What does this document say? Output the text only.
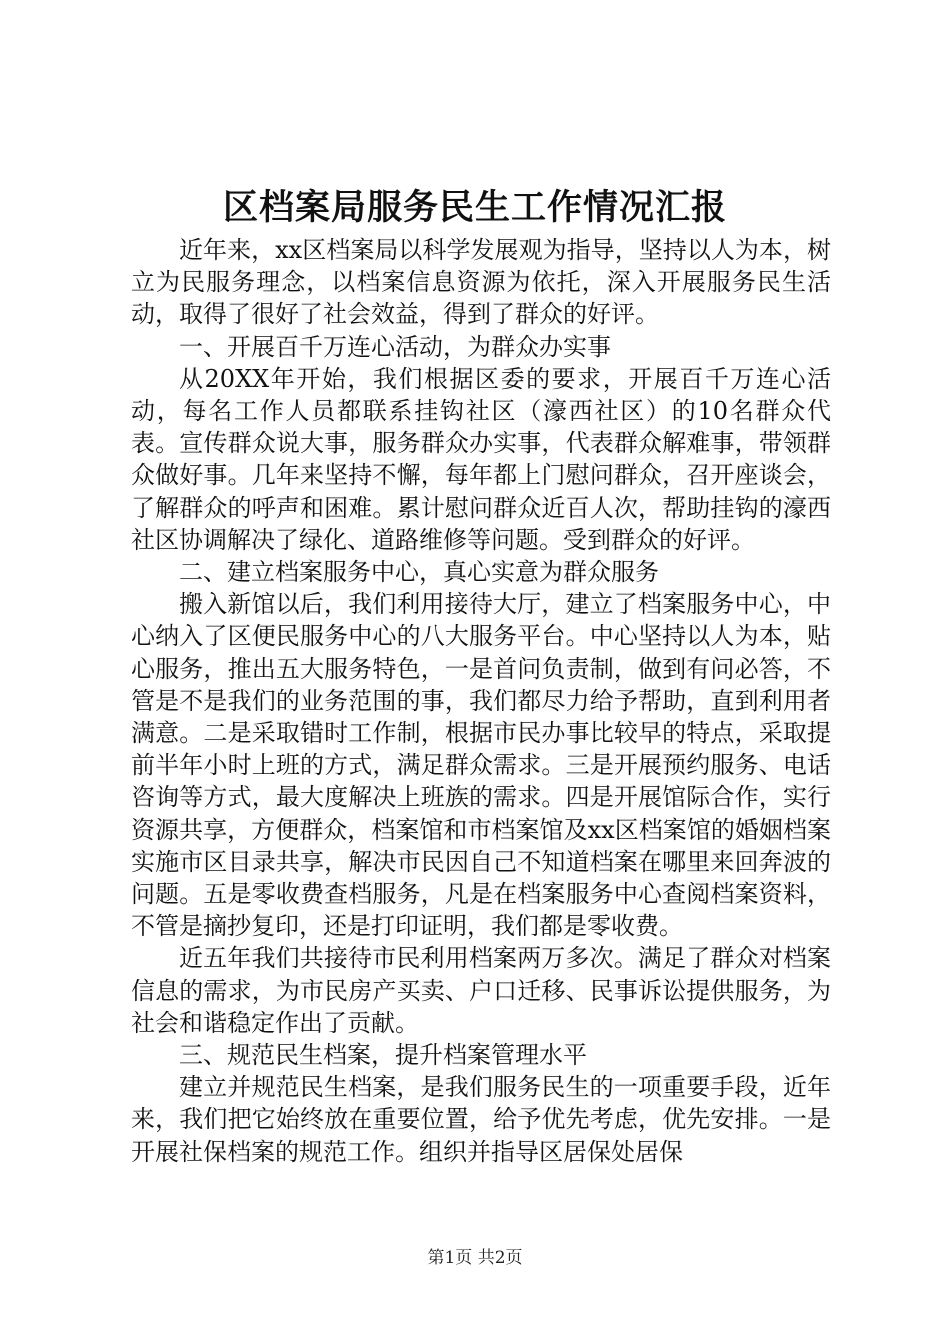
区档案局服务民生工作情况汇报

近年来，xx区档案局以科学发展观为指导，坚持以人为本，树立为民服务理念，以档案信息资源为依托，深入开展服务民生活动，取得了很好了社会效益，得到了群众的好评。

一、开展百千万连心活动，为群众办实事

从20XX年开始，我们根据区委的要求，开展百千万连心活动，每名工作人员都联系挂钩社区（濠西社区）的10名群众代表。宣传群众说大事，服务群众办实事，代表群众解难事，带领群众做好事。几年来坚持不懈，每年都上门慰问群众，召开座谈会，了解群众的呼声和困难。累计慰问群众近百人次，帮助挂钩的濠西社区协调解决了绿化、道路维修等问题。受到群众的好评。

二、建立档案服务中心，真心实意为群众服务

搬入新馆以后，我们利用接待大厅，建立了档案服务中心，中心纳入了区便民服务中心的八大服务平台。中心坚持以人为本，贴心服务，推出五大服务特色，一是首问负责制，做到有问必答，不管是不是我们的业务范围的事，我们都尽力给予帮助，直到利用者满意。二是采取错时工作制，根据市民办事比较早的特点，采取提前半年小时上班的方式，满足群众需求。三是开展预约服务、电话咨询等方式，最大度解决上班族的需求。四是开展馆际合作，实行资源共享，方便群众，档案馆和市档案馆及xx区档案馆的婚姻档案实施市区目录共享，解决市民因自己不知道档案在哪里来回奔波的问题。五是零收费查档服务，凡是在档案服务中心查阅档案资料，不管是摘抄复印，还是打印证明，我们都是零收费。

近五年我们共接待市民利用档案两万多次。满足了群众对档案信息的需求，为市民房产买卖、户口迁移、民事诉讼提供服务，为社会和谐稳定作出了贡献。

三、规范民生档案，提升档案管理水平

建立并规范民生档案，是我们服务民生的一项重要手段，近年来，我们把它始终放在重要位置，给予优先考虑，优先安排。一是开展社保档案的规范工作。组织并指导区居保处居保

第1页 共2页
